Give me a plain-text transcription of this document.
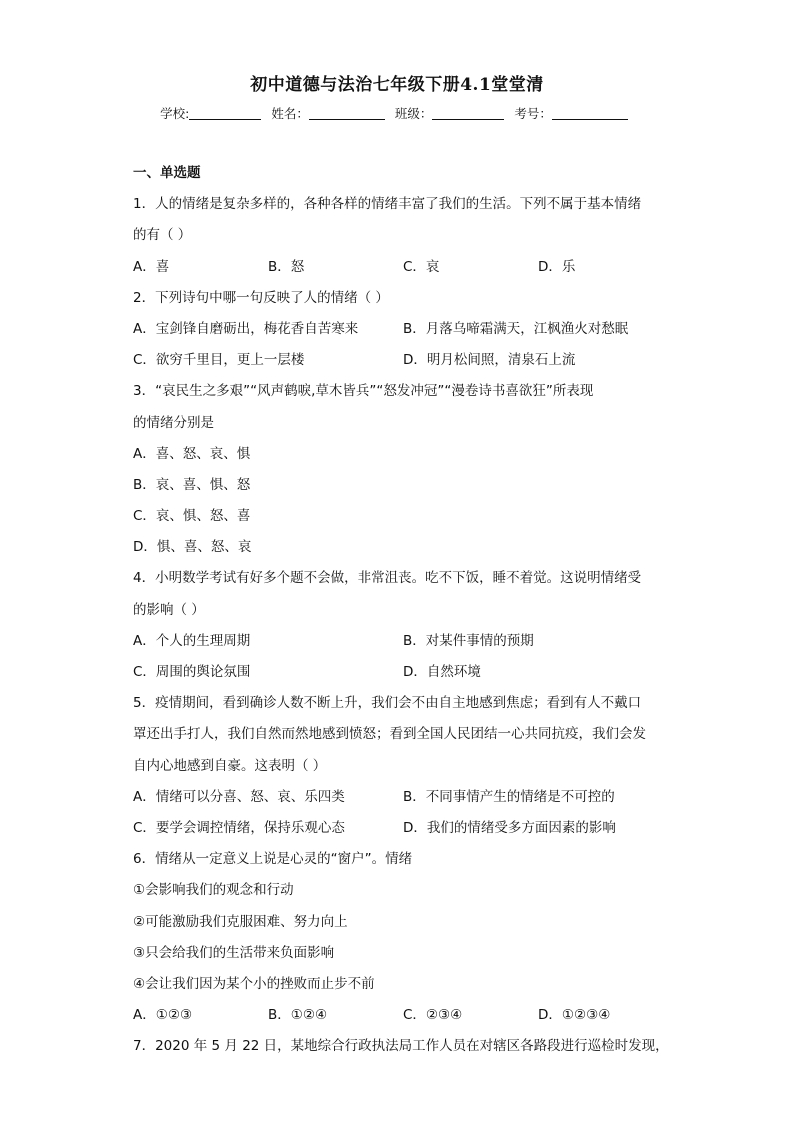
初中道德与法治七年级下册4.1堂堂清
学校:	姓名：	班级：	考号：
一、单选题
1．人的情绪是复杂多样的，各种各样的情绪丰富了我们的生活。下列不属于基本情绪
的有（ ）
A．喜	B．怒	C．哀	D．乐
2．下列诗句中哪一句反映了人的情绪（ ）
A．宝剑锋自磨砺出，梅花香自苦寒来	B．月落乌啼霜满天，江枫渔火对愁眠
C．欲穷千里目，更上一层楼	D．明月松间照，清泉石上流
3．“哀民生之多艰”“风声鹤唳,草木皆兵”“怒发冲冠”“漫卷诗书喜欲狂”所表现
的情绪分别是
A．喜、怒、哀、惧
B．哀、喜、惧、怒
C．哀、惧、怒、喜
D．惧、喜、怒、哀
4．小明数学考试有好多个题不会做，非常沮丧。吃不下饭，睡不着觉。这说明情绪受
的影响（ ）
A．个人的生理周期	B．对某件事情的预期
C．周围的舆论氛围	D．自然环境
5．疫情期间，看到确诊人数不断上升，我们会不由自主地感到焦虑；看到有人不戴口
罩还出手打人，我们自然而然地感到愤怒；看到全国人民团结一心共同抗疫，我们会发
自内心地感到自豪。这表明（ ）
A．情绪可以分喜、怒、哀、乐四类	B．不同事情产生的情绪是不可控的
C．要学会调控情绪，保持乐观心态	D．我们的情绪受多方面因素的影响
6．情绪从一定意义上说是心灵的“窗户”。情绪
①会影响我们的观念和行动
②可能激励我们克服困难、努力向上
③只会给我们的生活带来负面影响
④会让我们因为某个小的挫败而止步不前
A．①②③	B．①②④	C．②③④	D．①②③④
7．2020 年 5 月 22 日，某地综合行政执法局工作人员在对辖区各路段进行巡检时发现，
